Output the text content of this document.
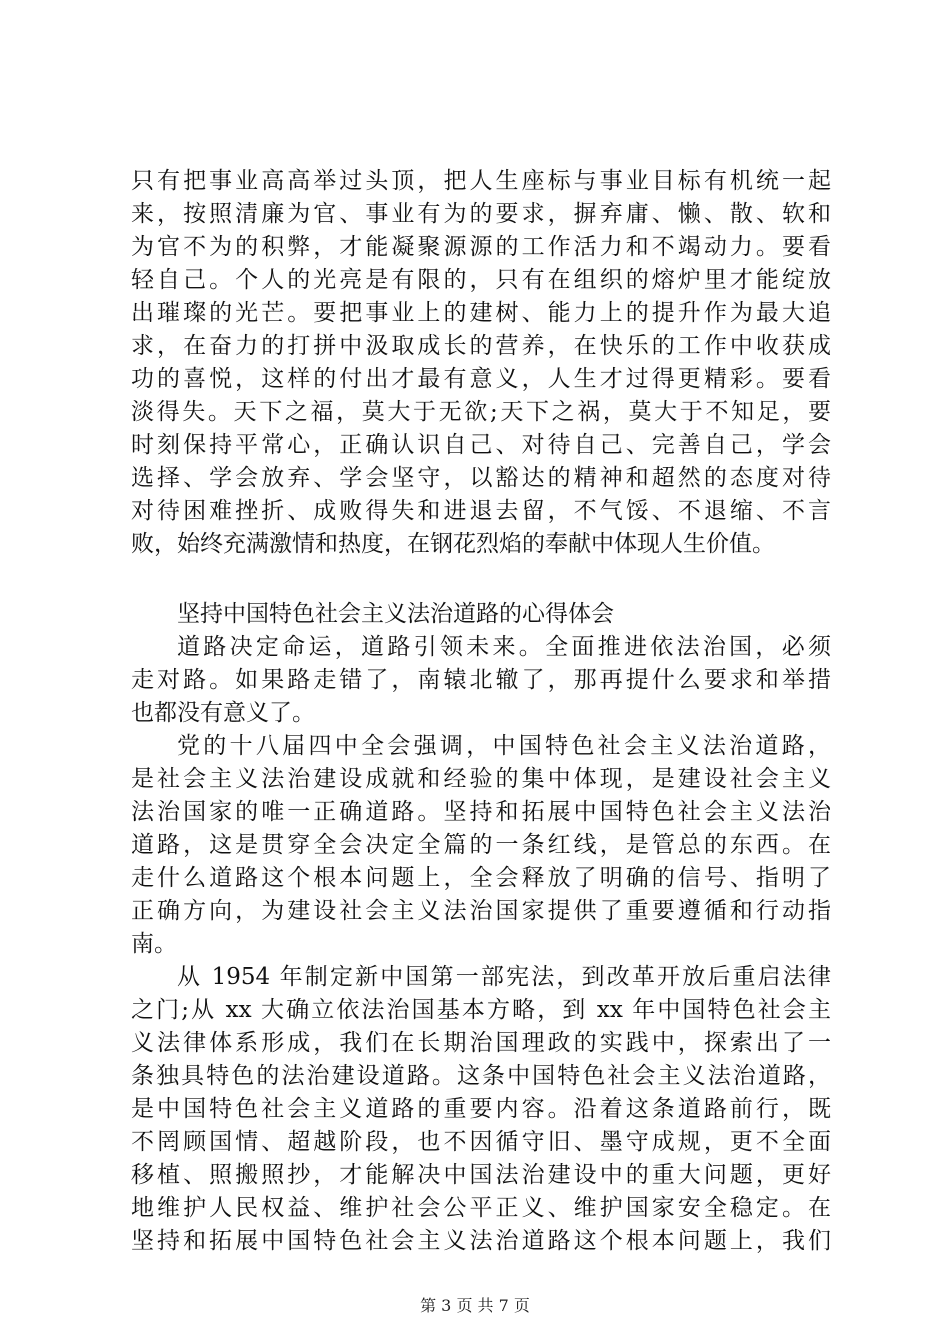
只有把事业高高举过头顶，把人生座标与事业目标有机统一起
来，按照清廉为官、事业有为的要求，摒弃庸、懒、散、软和
为官不为的积弊，才能凝聚源源的工作活力和不竭动力。要看
轻自己。个人的光亮是有限的，只有在组织的熔炉里才能绽放
出璀璨的光芒。要把事业上的建树、能力上的提升作为最大追
求，在奋力的打拼中汲取成长的营养，在快乐的工作中收获成
功的喜悦，这样的付出才最有意义，人生才过得更精彩。要看
淡得失。天下之福，莫大于无欲;天下之祸，莫大于不知足，要
时刻保持平常心，正确认识自己、对待自己、完善自己，学会
选择、学会放弃、学会坚守，以豁达的精神和超然的态度对待
对待困难挫折、成败得失和进退去留，不气馁、不退缩、不言
败，始终充满激情和热度，在钢花烈焰的奉献中体现人生价值。
坚持中国特色社会主义法治道路的心得体会
道路决定命运，道路引领未来。全面推进依法治国，必须
走对路。如果路走错了，南辕北辙了，那再提什么要求和举措
也都没有意义了。
党的十八届四中全会强调，中国特色社会主义法治道路，
是社会主义法治建设成就和经验的集中体现，是建设社会主义
法治国家的唯一正确道路。坚持和拓展中国特色社会主义法治
道路，这是贯穿全会决定全篇的一条红线，是管总的东西。在
走什么道路这个根本问题上，全会释放了明确的信号、指明了
正确方向，为建设社会主义法治国家提供了重要遵循和行动指
南。
从 1954 年制定新中国第一部宪法，到改革开放后重启法律
之门;从 xx 大确立依法治国基本方略，到 xx 年中国特色社会主
义法律体系形成，我们在长期治国理政的实践中，探索出了一
条独具特色的法治建设道路。这条中国特色社会主义法治道路，
是中国特色社会主义道路的重要内容。沿着这条道路前行，既
不罔顾国情、超越阶段，也不因循守旧、墨守成规，更不全面
移植、照搬照抄，才能解决中国法治建设中的重大问题，更好
地维护人民权益、维护社会公平正义、维护国家安全稳定。在
坚持和拓展中国特色社会主义法治道路这个根本问题上，我们
第 3 页 共 7 页
